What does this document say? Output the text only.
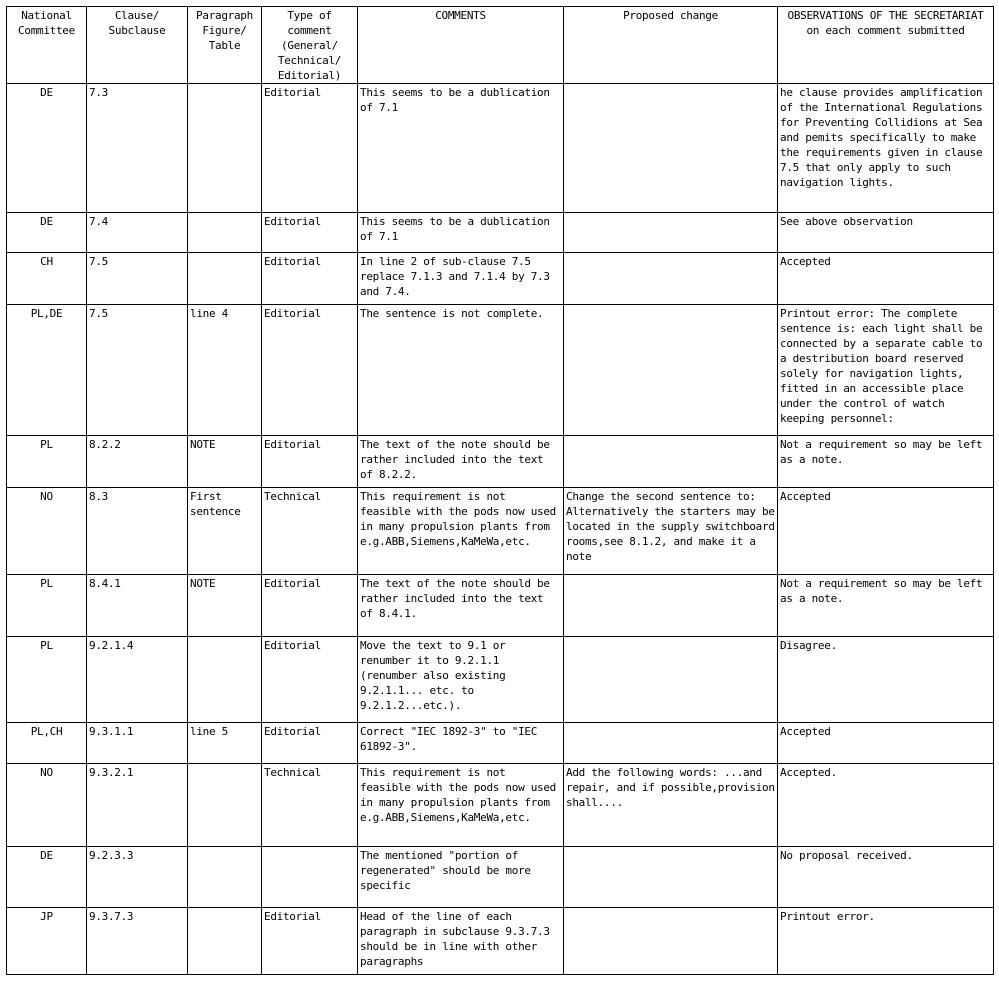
National Committee	Clause/ Subclause	Paragraph Figure/ Table	Type of comment (General/ Technical/ Editorial)	COMMENTS	Proposed change	OBSERVATIONS OF THE SECRETARIAT on each comment submitted
DE	7.3		Editorial	This seems to be a dublication of 7.1		he clause provides amplification of the International Regulations for Preventing Collidions at Sea and pemits specifically to make the requirements given in clause 7.5 that only apply to such navigation lights.
DE	7.4		Editorial	This seems to be a dublication of 7.1		See above observation
CH	7.5		Editorial	In line 2 of sub-clause 7.5 replace 7.1.3 and 7.1.4 by 7.3 and 7.4.		Accepted
PL,DE	7.5	line 4	Editorial	The sentence is not complete.		Printout error: The complete sentence is: each light shall be connected by a separate cable to a destribution board reserved solely for navigation lights, fitted in an accessible place under the control of watch keeping personnel:
PL	8.2.2	NOTE	Editorial	The text of the note should be rather included into the text of 8.2.2.		Not a requirement so may be left as a note.
NO	8.3	First sentence	Technical	This requirement is not feasible with the pods now used in many propulsion plants from e.g.ABB,Siemens,KaMeWa,etc.	Change the second sentence to: Alternatively the starters may be located in the supply switchboard rooms,see 8.1.2, and make it a note	Accepted
PL	8.4.1	NOTE	Editorial	The text of the note should be rather included into the text of 8.4.1.		Not a requirement so may be left as a note.
PL	9.2.1.4		Editorial	Move the text to 9.1 or renumber it to 9.2.1.1 (renumber also existing 9.2.1.1... etc. to 9.2.1.2...etc.).		Disagree.
PL,CH	9.3.1.1	line 5	Editorial	Correct "IEC 1892-3" to "IEC 61892-3".		Accepted
NO	9.3.2.1		Technical	This requirement is not feasible with the pods now used in many propulsion plants from e.g.ABB,Siemens,KaMeWa,etc.	Add the following words: ...and repair, and if possible,provision shall....	Accepted.
DE	9.2.3.3			The mentioned "portion of regenerated" should be more specific		No proposal received.
JP	9.3.7.3		Editorial	Head of the line of each paragraph in subclause 9.3.7.3 should be in line with other paragraphs		Printout error.
